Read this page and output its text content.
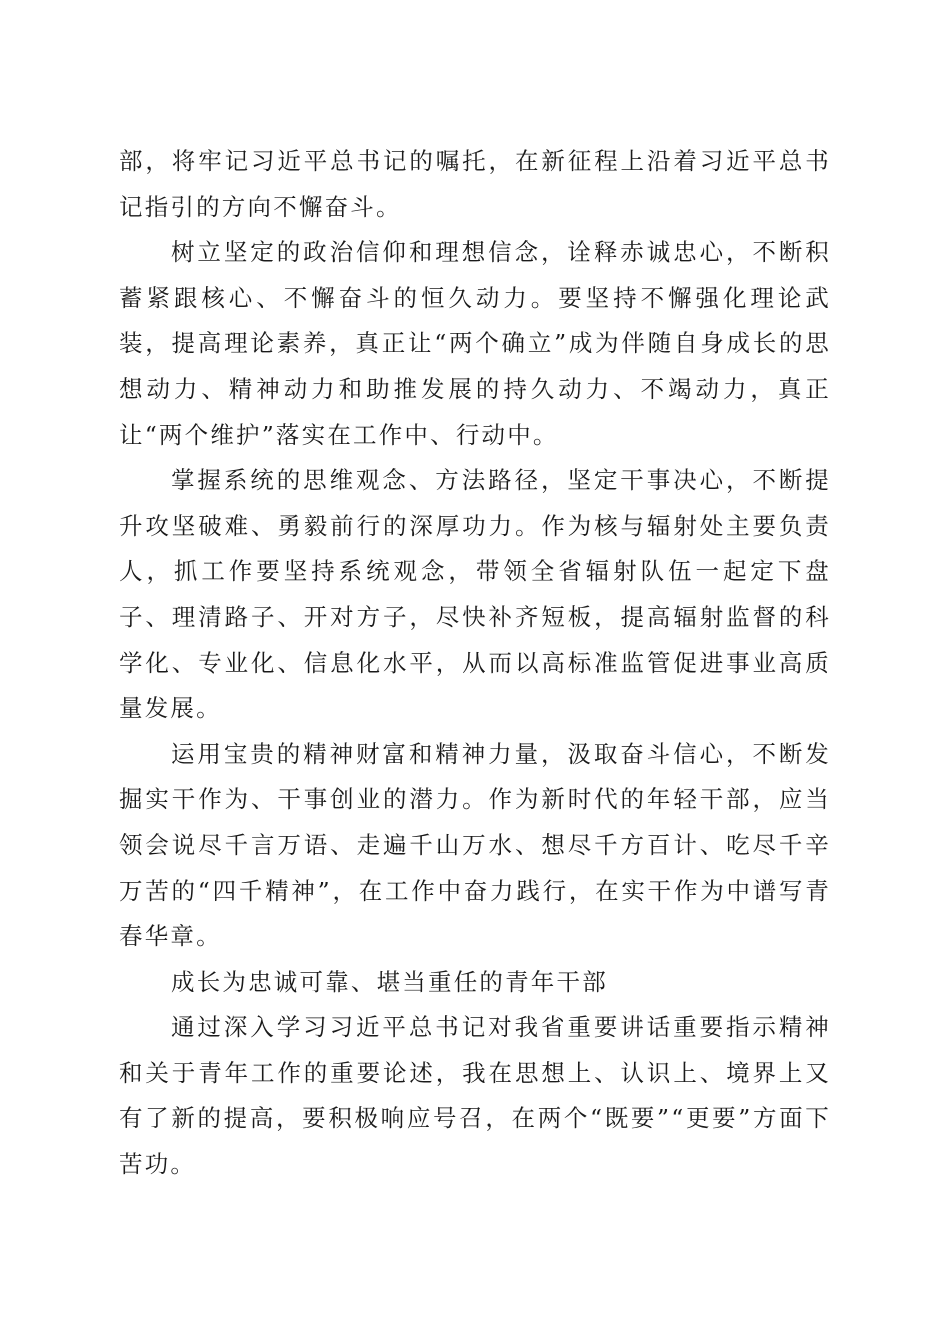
部，将牢记习近平总书记的嘱托，在新征程上沿着习近平总书记指引的方向不懈奋斗。

树立坚定的政治信仰和理想信念，诠释赤诚忠心，不断积蓄紧跟核心、不懈奋斗的恒久动力。要坚持不懈强化理论武装，提高理论素养，真正让“两个确立”成为伴随自身成长的思想动力、精神动力和助推发展的持久动力、不竭动力，真正让“两个维护”落实在工作中、行动中。

掌握系统的思维观念、方法路径，坚定干事决心，不断提升攻坚破难、勇毅前行的深厚功力。作为核与辐射处主要负责人，抓工作要坚持系统观念，带领全省辐射队伍一起定下盘子、理清路子、开对方子，尽快补齐短板，提高辐射监督的科学化、专业化、信息化水平，从而以高标准监管促进事业高质量发展。

运用宝贵的精神财富和精神力量，汲取奋斗信心，不断发掘实干作为、干事创业的潜力。作为新时代的年轻干部，应当领会说尽千言万语、走遍千山万水、想尽千方百计、吃尽千辛万苦的“四千精神”，在工作中奋力践行，在实干作为中谱写青春华章。

成长为忠诚可靠、堪当重任的青年干部

通过深入学习习近平总书记对我省重要讲话重要指示精神和关于青年工作的重要论述，我在思想上、认识上、境界上又有了新的提高，要积极响应号召，在两个“既要”“更要”方面下苦功。
